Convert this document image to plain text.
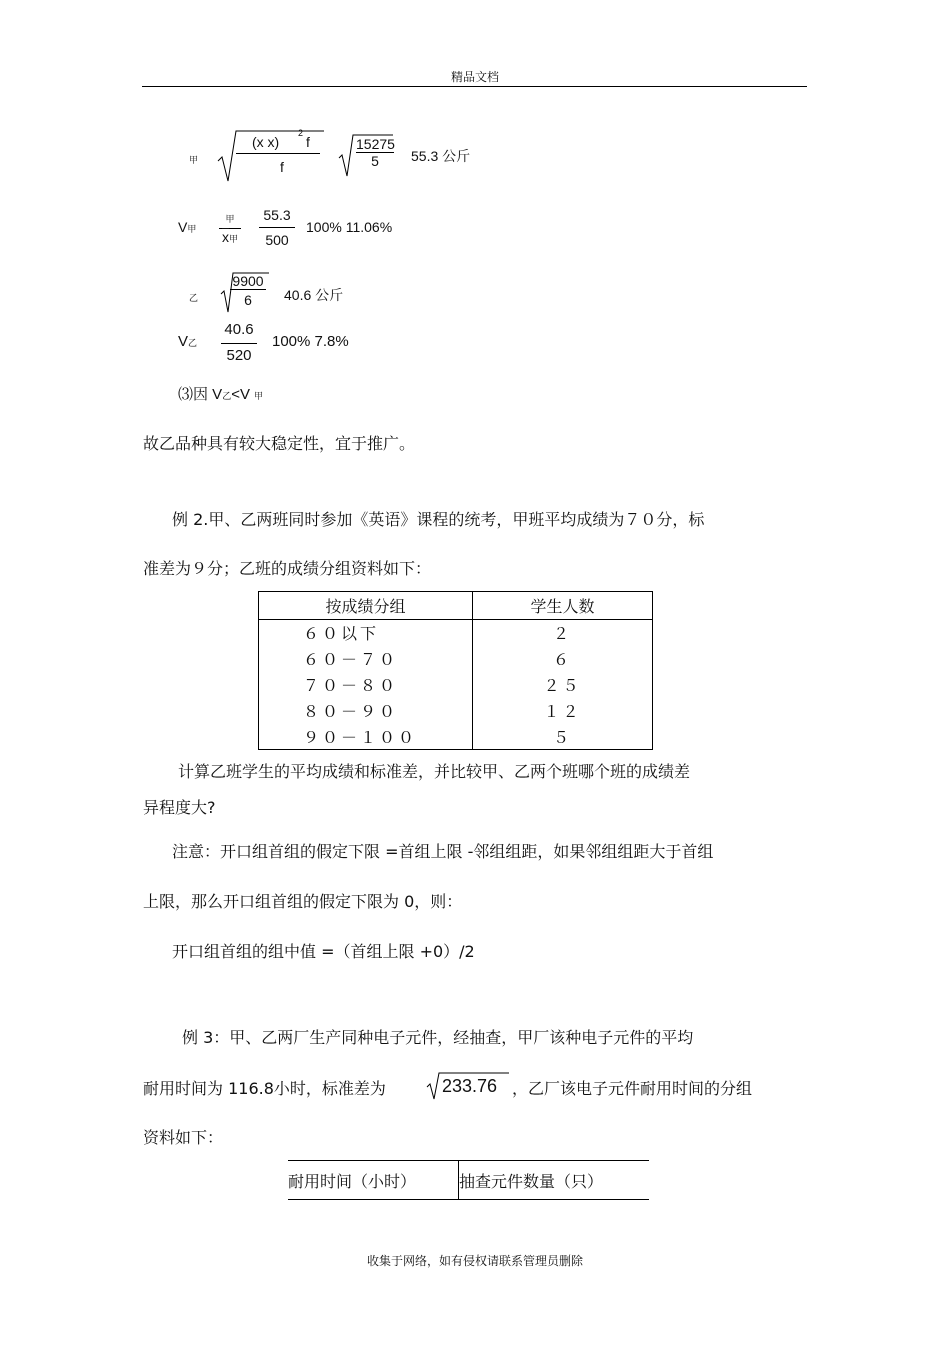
精品文档
甲
(x x)
2
f
f	$\frac{15275}{5} 55.3$ 公斤
V甲
甲
$\overline{x}$甲 $\frac{55.3}{500} 100\%$ 11.06%
乙 $\frac{9900}{6} 40.6$ 公斤
V乙 $\frac{40.6}{520} 100\%$ 7.8%
⑶因 V乙<V 甲
故乙品种具有较大稳定性，宜于推广。
例 2.甲、乙两班同时参加《英语》课程的统考，甲班平均成绩为７０分，标
准差为９分；乙班的成绩分组资料如下：
按成绩分组	学生人数
６０以下	２
６０－７０	６
７０－８０	２５
８０－９０	１２
９０－１００	５
计算乙班学生的平均成绩和标准差，并比较甲、乙两个班哪个班的成绩差
异程度大?
注意：开口组首组的假定下限 =首组上限 -邻组组距，如果邻组组距大于首组
上限，那么开口组首组的假定下限为 0，则：
开口组首组的组中值 =（首组上限 +0）/2
例 3：甲、乙两厂生产同种电子元件，经抽查，甲厂该种电子元件的平均
耐用时间为 116.8小时，标准差为	233.76 ，乙厂该电子元件耐用时间的分组
资料如下：
耐用时间（小时）	抽查元件数量（只）
收集于网络，如有侵权请联系管理员删除
